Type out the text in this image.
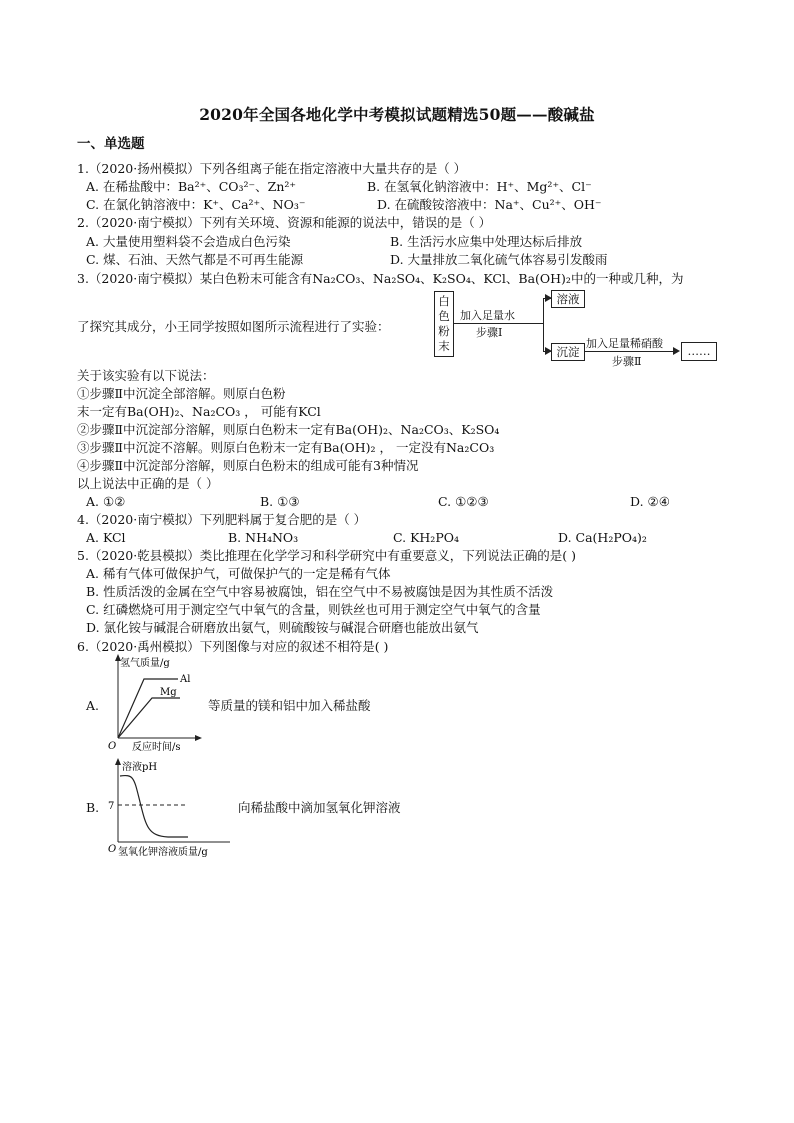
2020年全国各地化学中考模拟试题精选50题——酸碱盐
一、单选题
1.（2020·扬州模拟）下列各组离子能在指定溶液中大量共存的是（ ）
A. 在稀盐酸中：Ba²⁺、CO₃²⁻、Zn²⁺	B. 在氢氧化钠溶液中：H⁺、Mg²⁺、Cl⁻
C. 在氯化钠溶液中：K⁺、Ca²⁺、NO₃⁻	D. 在硫酸铵溶液中：Na⁺、Cu²⁺、OH⁻
2.（2020·南宁模拟）下列有关环境、资源和能源的说法中，错误的是（ ）
A. 大量使用塑料袋不会造成白色污染	B. 生活污水应集中处理达标后排放
C. 煤、石油、天然气都是不可再生能源	D. 大量排放二氧化硫气体容易引发酸雨
3.（2020·南宁模拟）某白色粉末可能含有Na₂CO₃、Na₂SO₄、K₂SO₄、KCl、Ba(OH)₂中的一种或几种，为
了探究其成分，小王同学按照如图所示流程进行了实验：
白
色
粉
末
加入足量水
步骤Ⅰ
溶液
沉淀
加入足量稀硝酸
步骤Ⅱ
……
关于该实验有以下说法：
①步骤Ⅱ中沉淀全部溶解。则原白色粉
末一定有Ba(OH)₂、Na₂CO₃ ， 可能有KCl
②步骤Ⅱ中沉淀部分溶解，则原白色粉末一定有Ba(OH)₂、Na₂CO₃、K₂SO₄
③步骤Ⅱ中沉淀不溶解。则原白色粉末一定有Ba(OH)₂ ， 一定没有Na₂CO₃
④步骤Ⅱ中沉淀部分溶解，则原白色粉末的组成可能有3种情况
以上说法中正确的是（ ）
A. ①②	B. ①③	C. ①②③	D. ②④
4.（2020·南宁模拟）下列肥料属于复合肥的是（ ）
A. KCl	B. NH₄NO₃	C. KH₂PO₄	D. Ca(H₂PO₄)₂
5.（2020·乾县模拟）类比推理在化学学习和科学研究中有重要意义，下列说法正确的是( )
A. 稀有气体可做保护气，可做保护气的一定是稀有气体
B. 性质活泼的金属在空气中容易被腐蚀，铝在空气中不易被腐蚀是因为其性质不活泼
C. 红磷燃烧可用于测定空气中氧气的含量，则铁丝也可用于测定空气中氧气的含量
D. 氯化铵与碱混合研磨放出氨气，则硫酸铵与碱混合研磨也能放出氨气
6.（2020·禹州模拟）下列图像与对应的叙述不相符是( )
A.
氢气质量/g
Al
Mg
O 反应时间/s
等质量的镁和铝中加入稀盐酸
B.
溶液pH
7
O 氢氧化钾溶液质量/g
向稀盐酸中滴加氢氧化钾溶液
